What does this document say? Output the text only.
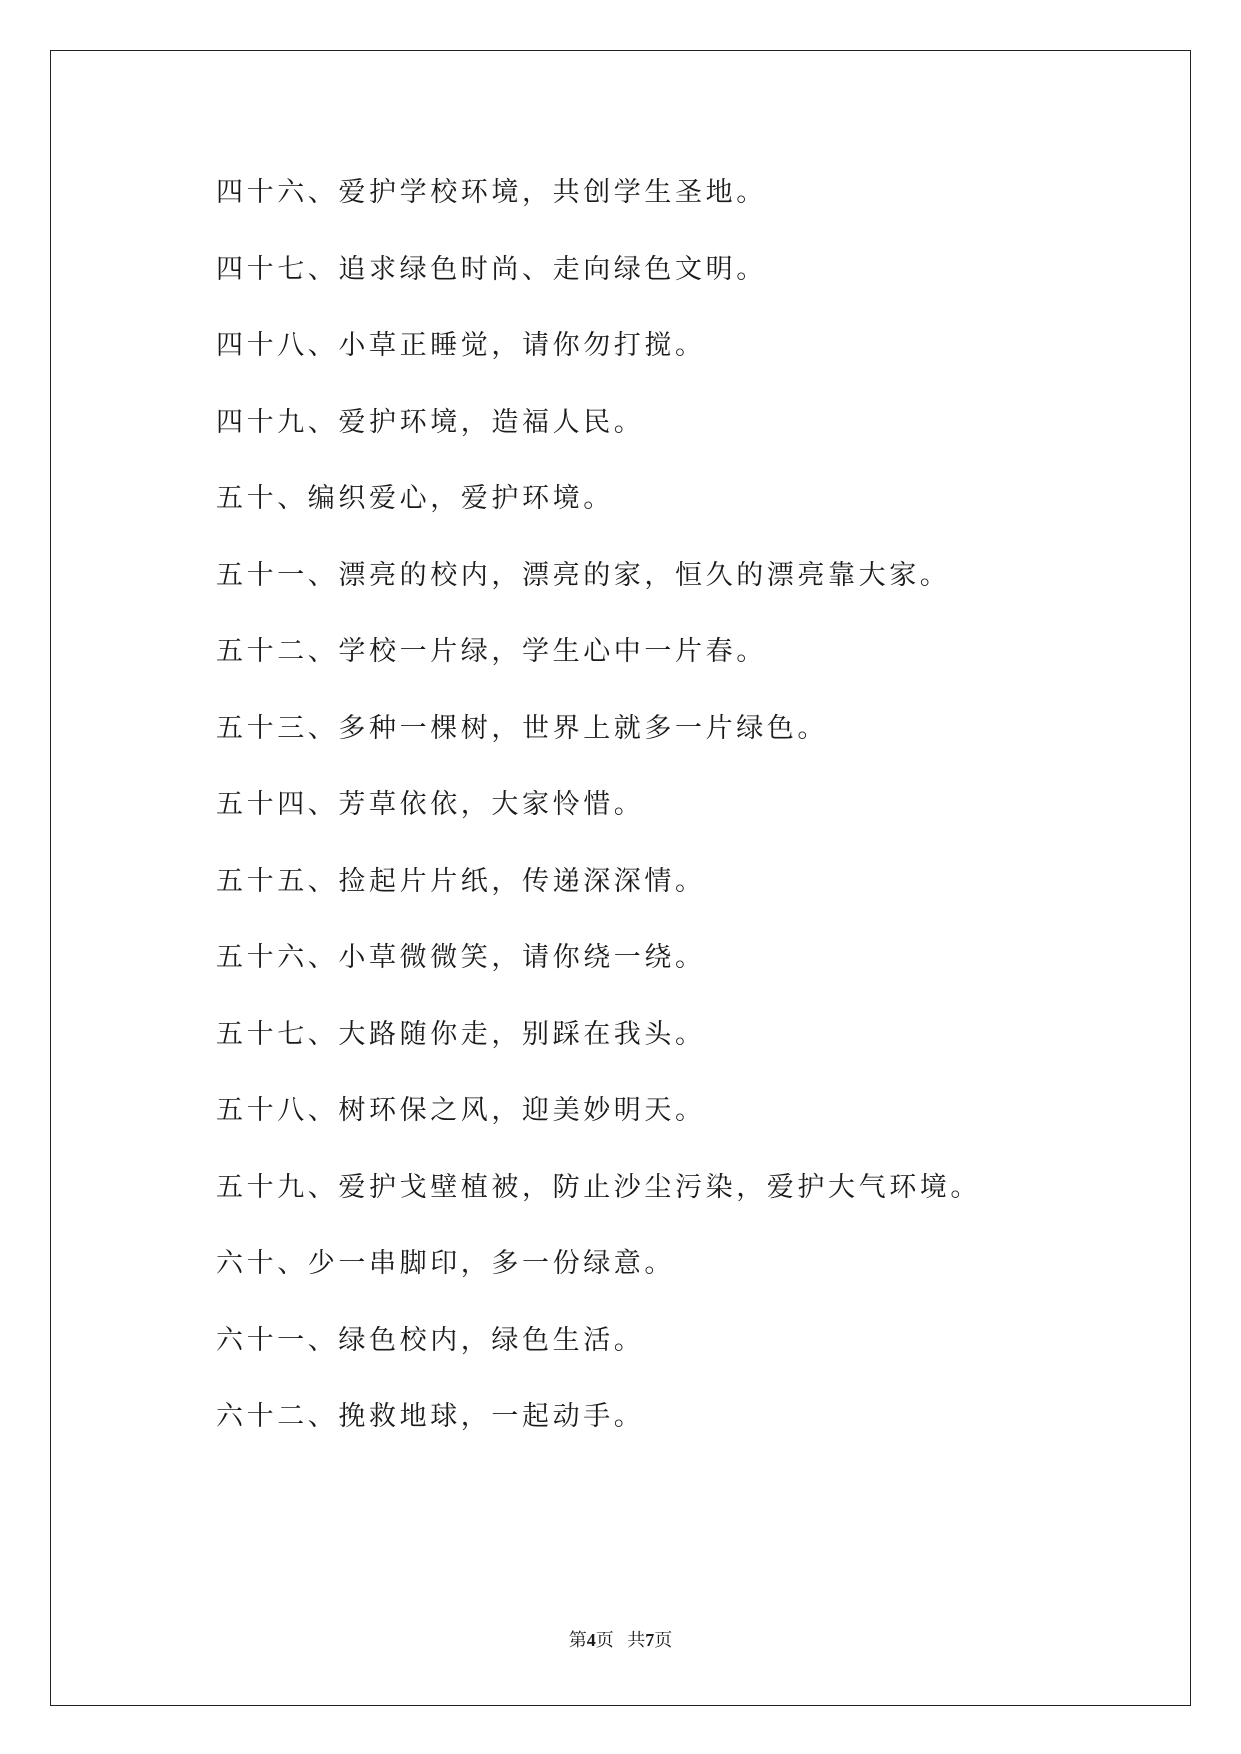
四十六、爱护学校环境，共创学生圣地。
四十七、追求绿色时尚、走向绿色文明。
四十八、小草正睡觉，请你勿打搅。
四十九、爱护环境，造福人民。
五十、编织爱心，爱护环境。
五十一、漂亮的校内，漂亮的家，恒久的漂亮靠大家。
五十二、学校一片绿，学生心中一片春。
五十三、多种一棵树，世界上就多一片绿色。
五十四、芳草依依，大家怜惜。
五十五、捡起片片纸，传递深深情。
五十六、小草微微笑，请你绕一绕。
五十七、大路随你走，别踩在我头。
五十八、树环保之风，迎美妙明天。
五十九、爱护戈壁植被，防止沙尘污染，爱护大气环境。
六十、少一串脚印，多一份绿意。
六十一、绿色校内，绿色生活。
六十二、挽救地球，一起动手。
第4页 共7页
